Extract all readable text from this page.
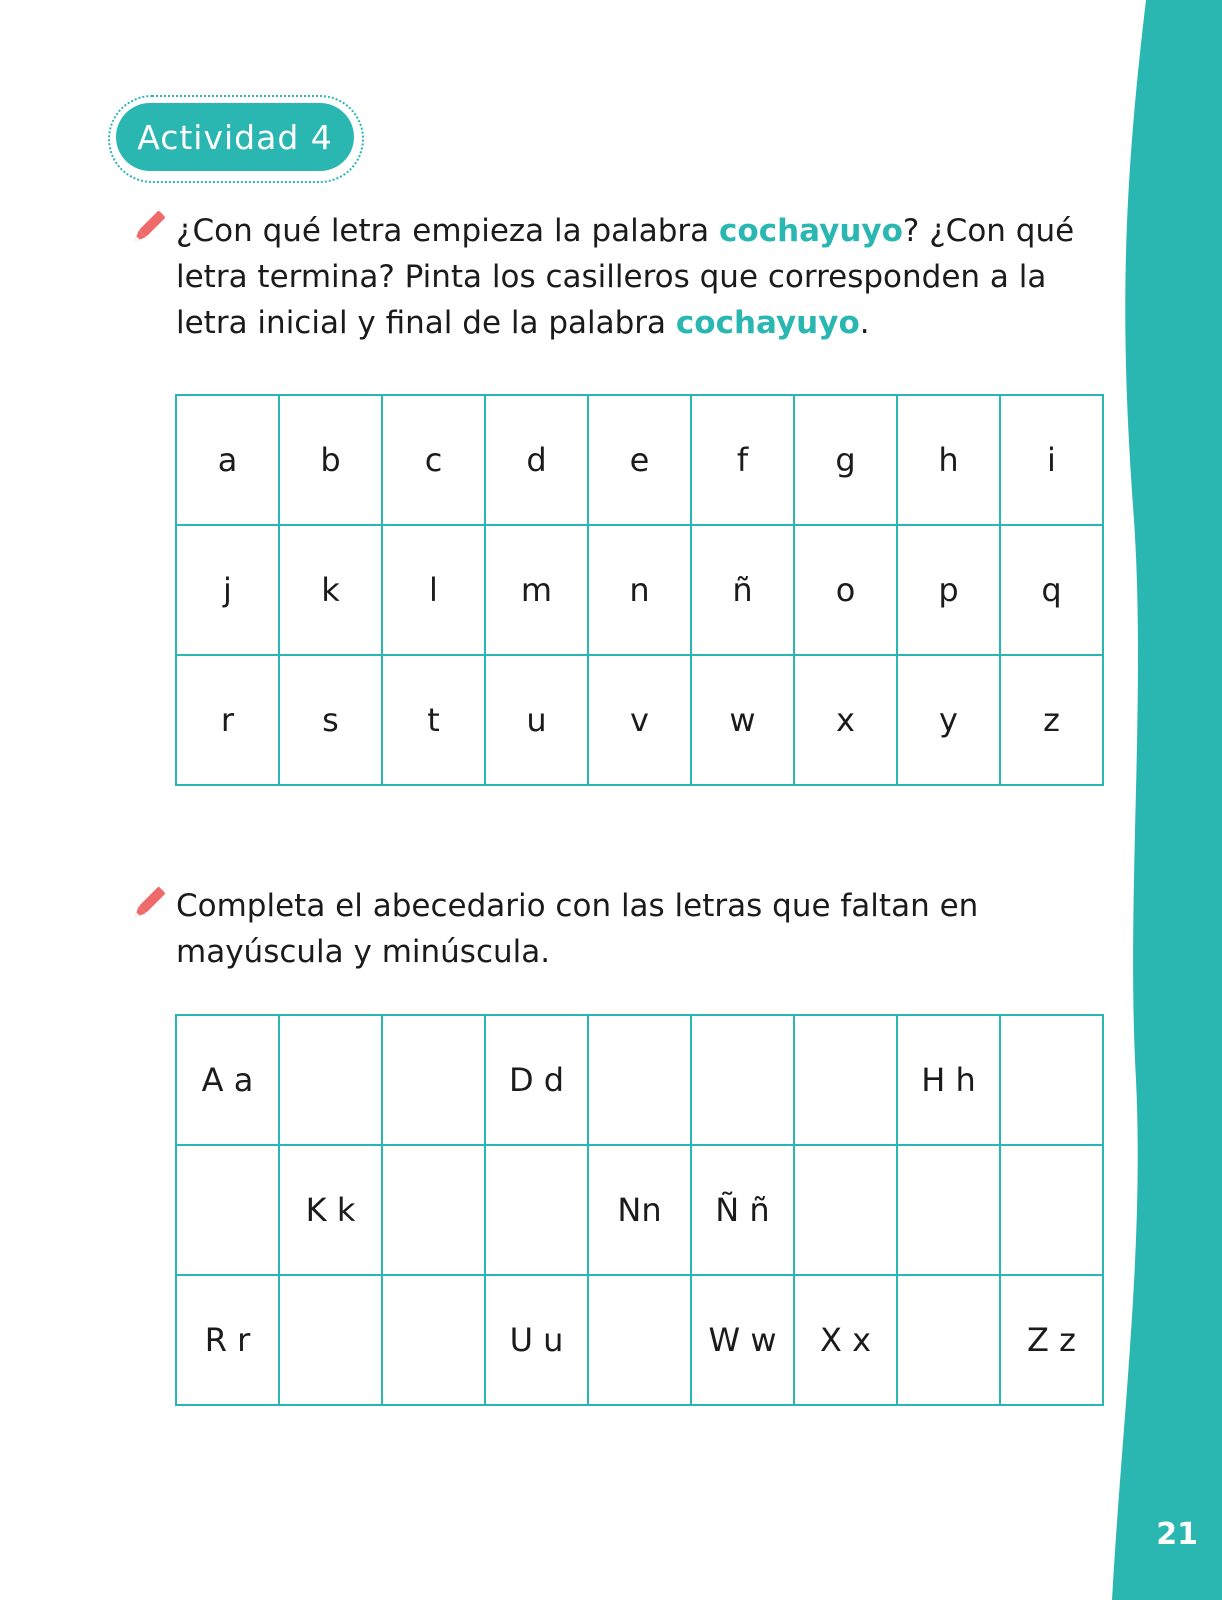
21
Actividad 4
¿Con qué letra empieza la palabra cochayuyo? ¿Con qué letra termina? Pinta los casilleros que corresponden a la letra inicial y final de la palabra cochayuyo.
a	b	c	d	e	f	g	h	i
j	k	l	m	n	ñ	o	p	q
r	s	t	u	v	w	x	y	z
Completa el abecedario con las letras que faltan en mayúscula y minúscula.
A a			D d				H h	
	K k			Nn	Ñ ñ			
R r			U u		W w	X x		Z z
